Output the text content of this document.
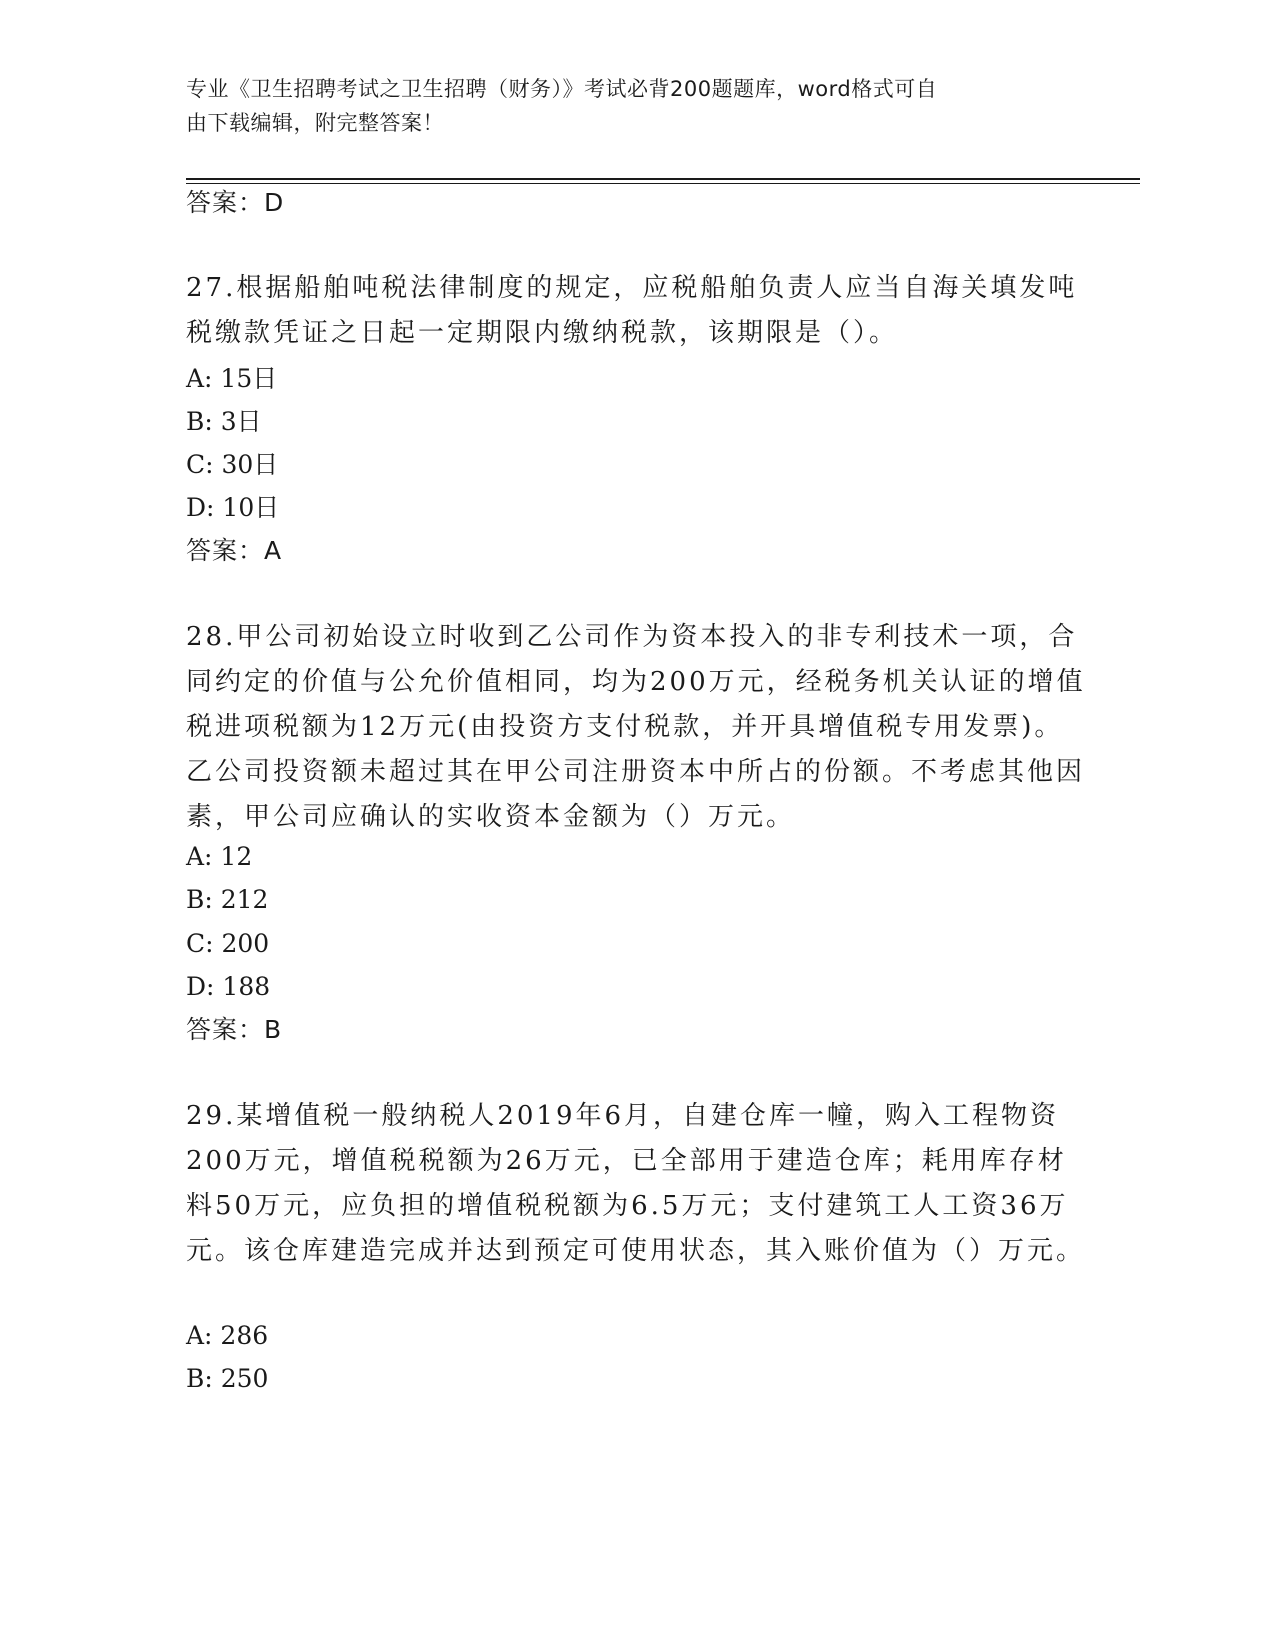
专业《卫生招聘考试之卫生招聘（财务）》考试必背200题题库，word格式可自
由下载编辑，附完整答案！
答案：D
27.根据船舶吨税法律制度的规定，应税船舶负责人应当自海关填发吨税缴款凭证之日起一定期限内缴纳税款，该期限是（）。
A: 15日
B: 3日
C: 30日
D: 10日
答案：A
28.甲公司初始设立时收到乙公司作为资本投入的非专利技术一项，合同约定的价值与公允价值相同，均为200万元，经税务机关认证的增值税进项税额为12万元(由投资方支付税款，并开具增值税专用发票)。乙公司投资额未超过其在甲公司注册资本中所占的份额。不考虑其他因素，甲公司应确认的实收资本金额为（）万元。
A: 12
B: 212
C: 200
D: 188
答案：B
29.某增值税一般纳税人2019年6月，自建仓库一幢，购入工程物资200万元，增值税税额为26万元，已全部用于建造仓库；耗用库存材料50万元，应负担的增值税税额为6.5万元；支付建筑工人工资36万元。该仓库建造完成并达到预定可使用状态，其入账价值为（）万元。
A: 286
B: 250
